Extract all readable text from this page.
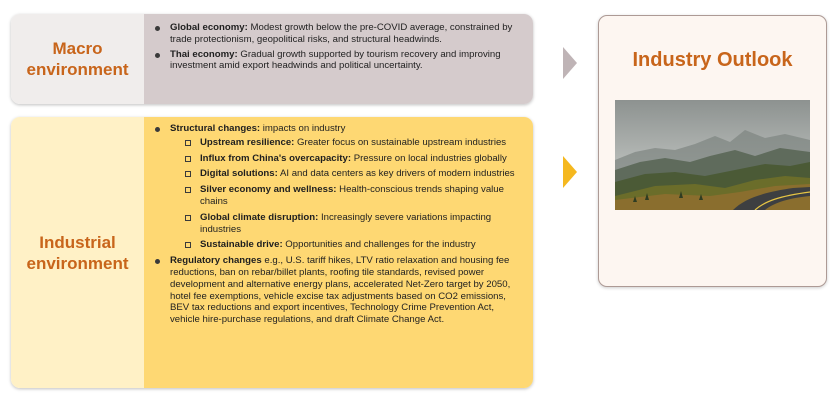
Macro environment
Global economy: Modest growth below the pre-COVID average, constrained by trade protectionism, geopolitical risks, and structural headwinds.
Thai economy: Gradual growth supported by tourism recovery and improving investment amid export headwinds and political uncertainty.
Industrial environment
Structural changes: impacts on industry
Upstream resilience: Greater focus on sustainable upstream industries
Influx from China's overcapacity: Pressure on local industries globally
Digital solutions: AI and data centers as key drivers of modern industries
Silver economy and wellness: Health-conscious trends shaping value chains
Global climate disruption: Increasingly severe variations impacting industries
Sustainable drive: Opportunities and challenges for the industry
Regulatory changes e.g., U.S. tariff hikes, LTV ratio relaxation and housing fee reductions, ban on rebar/billet plants, roofing tile standards, revised power development and alternative energy plans, accelerated Net-Zero target by 2050, hotel fee exemptions, vehicle excise tax adjustments based on CO2 emissions, BEV tax reductions and export incentives, Technology Crime Prevention Act, vehicle hire-purchase regulations, and draft Climate Change Act.
Industry Outlook
